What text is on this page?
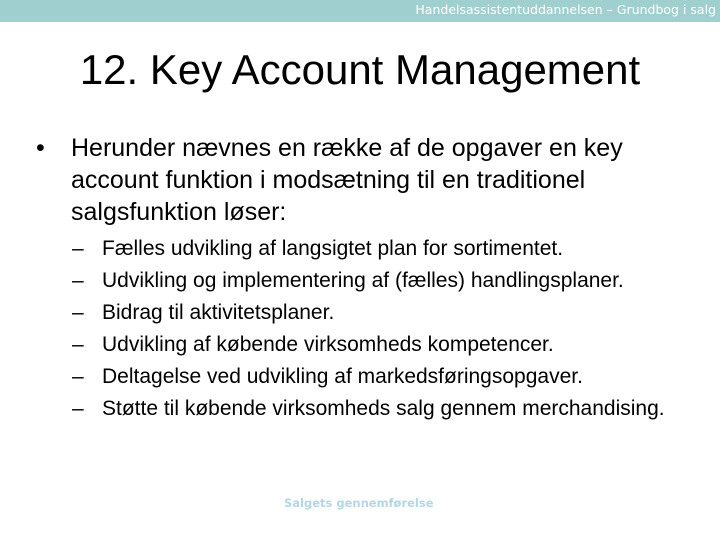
Handelsassistentuddannelsen – Grundbog i salg
12. Key Account Management
• Herunder nævnes en række af de opgaver en key account funktion i modsætning til en traditionel salgsfunktion løser:
– Fælles udvikling af langsigtet plan for sortimentet.
– Udvikling og implementering af (fælles) handlingsplaner.
– Bidrag til aktivitetsplaner.
– Udvikling af købende virksomheds kompetencer.
– Deltagelse ved udvikling af markedsføringsopgaver.
– Støtte til købende virksomheds salg gennem merchandising.
Salgets gennemførelse
